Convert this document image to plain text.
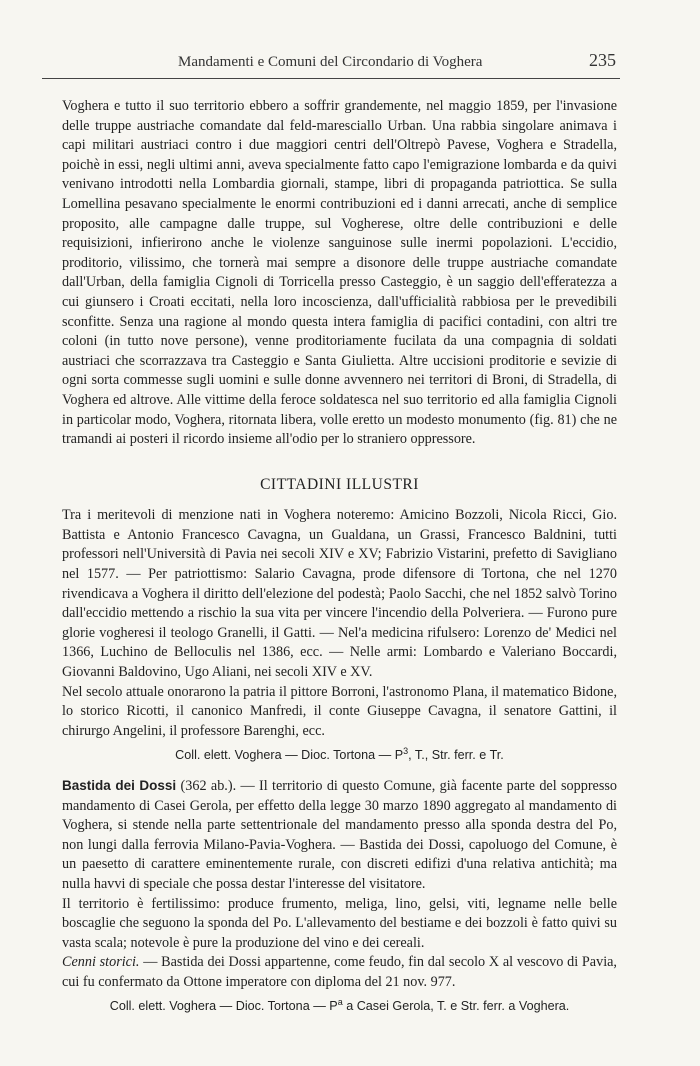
Mandamenti e Comuni del Circondario di Voghera	235

Voghera e tutto il suo territorio ebbero a soffrir grandemente, nel maggio 1859, per l'invasione delle truppe austriache comandate dal feld-maresciallo Urban. Una rabbia singolare animava i capi militari austriaci contro i due maggiori centri dell'Oltrepò Pavese, Voghera e Stradella, poichè in essi, negli ultimi anni, aveva specialmente fatto capo l'emigrazione lombarda e da quivi venivano introdotti nella Lombardia giornali, stampe, libri di propaganda patriottica. Se sulla Lomellina pesavano specialmente le enormi contribuzioni ed i danni arrecati, anche di semplice proposito, alle campagne dalle truppe, sul Vogherese, oltre delle contribuzioni e delle requisizioni, infierirono anche le violenze sanguinose sulle inermi popolazioni. L'eccidio, proditorio, vilissimo, che tornerà mai sempre a disonore delle truppe austriache comandate dall'Urban, della famiglia Cignoli di Torricella presso Casteggio, è un saggio dell'efferatezza a cui giunsero i Croati eccitati, nella loro incoscienza, dall'ufficialità rabbiosa per le prevedibili sconfitte. Senza una ragione al mondo questa intera famiglia di pacifici contadini, con altri tre coloni (in tutto nove persone), venne proditoriamente fucilata da una compagnia di soldati austriaci che scorrazzava tra Casteggio e Santa Giulietta. Altre uccisioni proditorie e sevizie di ogni sorta commesse sugli uomini e sulle donne avvennero nei territori di Broni, di Stradella, di Voghera ed altrove. Alle vittime della feroce soldatesca nel suo territorio ed alla famiglia Cignoli in particolar modo, Voghera, ritornata libera, volle eretto un modesto monumento (fig. 81) che ne tramandi ai posteri il ricordo insieme all'odio per lo straniero oppressore.

CITTADINI ILLUSTRI

Tra i meritevoli di menzione nati in Voghera noteremo: Amicino Bozzoli, Nicola Ricci, Gio. Battista e Antonio Francesco Cavagna, un Gualdana, un Grassi, Francesco Baldnini, tutti professori nell'Università di Pavia nei secoli XIV e XV; Fabrizio Vistarini, prefetto di Savigliano nel 1577. — Per patriottismo: Salario Cavagna, prode difensore di Tortona, che nel 1270 rivendicava a Voghera il diritto dell'elezione del podestà; Paolo Sacchi, che nel 1852 salvò Torino dall'eccidio mettendo a rischio la sua vita per vincere l'incendio della Polveriera. — Furono pure glorie vogheresi il teologo Granelli, il Gatti. — Nel'a medicina rifulsero: Lorenzo de' Medici nel 1366, Luchino de Belloculis nel 1386, ecc. — Nelle armi: Lombardo e Valeriano Boccardi, Giovanni Baldovino, Ugo Aliani, nei secoli XIV e XV.

Nel secolo attuale onorarono la patria il pittore Borroni, l'astronomo Plana, il matematico Bidone, lo storico Ricotti, il canonico Manfredi, il conte Giuseppe Cavagna, il senatore Gattini, il chirurgo Angelini, il professore Barenghi, ecc.

Coll. elett. Voghera — Dioc. Tortona — $P^3$, T., Str. ferr. e Tr.

Bastida dei Dossi (362 ab.). — Il territorio di questo Comune, già facente parte del soppresso mandamento di Casei Gerola, per effetto della legge 30 marzo 1890 aggregato al mandamento di Voghera, si stende nella parte settentrionale del mandamento presso alla sponda destra del Po, non lungi dalla ferrovia Milano-Pavia-Voghera. — Bastida dei Dossi, capoluogo del Comune, è un paesetto di carattere eminentemente rurale, con discreti edifizi d'una relativa antichità; ma nulla havvi di speciale che possa destar l'interesse del visitatore.

Il territorio è fertilissimo: produce frumento, meliga, lino, gelsi, viti, legname nelle belle boscaglie che seguono la sponda del Po. L'allevamento del bestiame e dei bozzoli è fatto quivi su vasta scala; notevole è pure la produzione del vino e dei cereali.

Cenni storici. — Bastida dei Dossi appartenne, come feudo, fin dal secolo X al vescovo di Pavia, cui fu confermato da Ottone imperatore con diploma del 21 nov. 977.

Coll. elett. Voghera — Dioc. Tortona — $P^a$ a Casei Gerola, T. e Str. ferr. a Voghera.
